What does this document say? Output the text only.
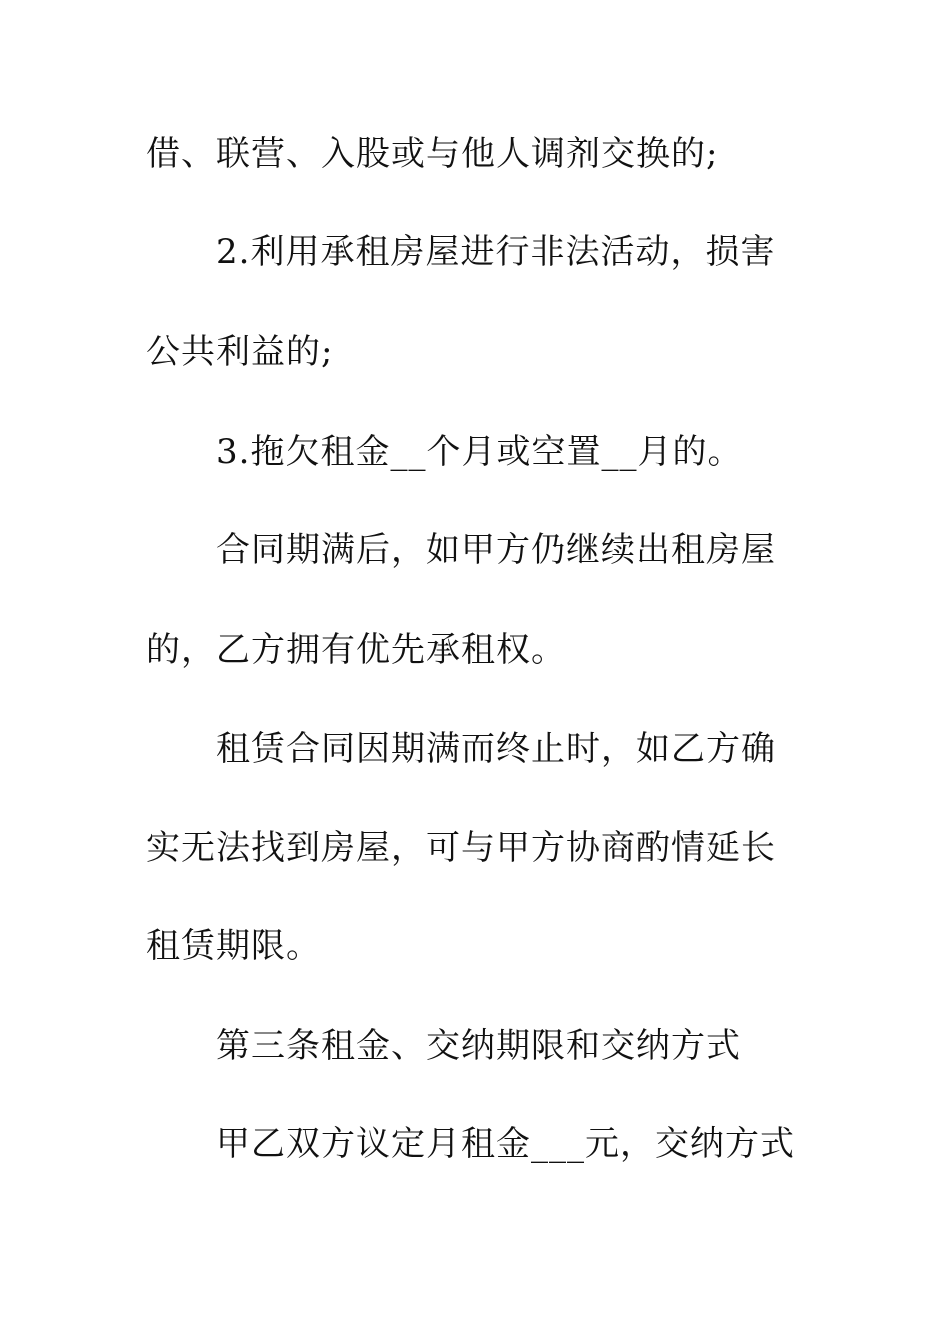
借、联营、入股或与他人调剂交换的;
2.利用承租房屋进行非法活动，损害
公共利益的;
3.拖欠租金__个月或空置__月的。
合同期满后，如甲方仍继续出租房屋
的，乙方拥有优先承租权。
租赁合同因期满而终止时，如乙方确
实无法找到房屋，可与甲方协商酌情延长
租赁期限。
第三条租金、交纳期限和交纳方式
甲乙双方议定月租金___元，交纳方式
